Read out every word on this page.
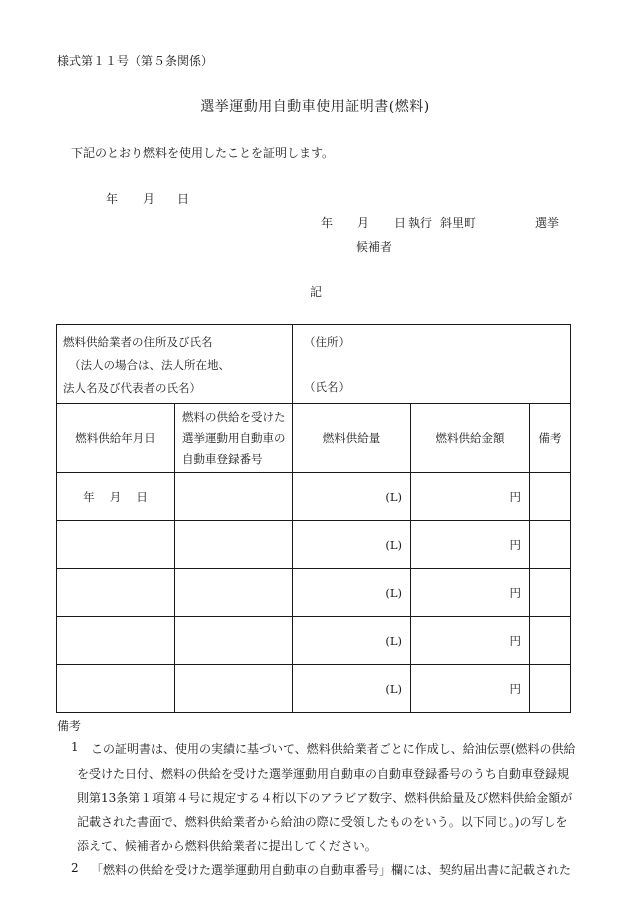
様式第１１号（第５条関係）
選挙運動用自動車使用証明書(燃料)
下記のとおり燃料を使用したことを証明します。
年 月 日
年 月 日 執行 斜里町	選挙
候補者
記
燃料供給業者の住所及び氏名
（法人の場合は、法人所在地、
法人名及び代表者の氏名）		（住所）
（氏名）		

燃料供給年月日	燃料の供給を受けた
選挙運動用自動車の
自動車登録番号	燃料供給量	燃料供給金額	備考
年　 月　 日		(L)	円	
		(L)	円	
		(L)	円	
		(L)	円	
		(L)	円	
備考
1 この証明書は、使用の実績に基づいて、燃料供給業者ごとに作成し、給油伝票(燃料の供給
を受けた日付、燃料の供給を受けた選挙運動用自動車の自動車登録番号のうち自動車登録規
則第13条第１項第４号に規定する４桁以下のアラビア数字、燃料供給量及び燃料供給金額が
記載された書面で、燃料供給業者から給油の際に受領したものをいう。以下同じ。)の写しを
添えて、候補者から燃料供給業者に提出してください。
2 「燃料の供給を受けた選挙運動用自動車の自動車番号」欄には、契約届出書に記載された
